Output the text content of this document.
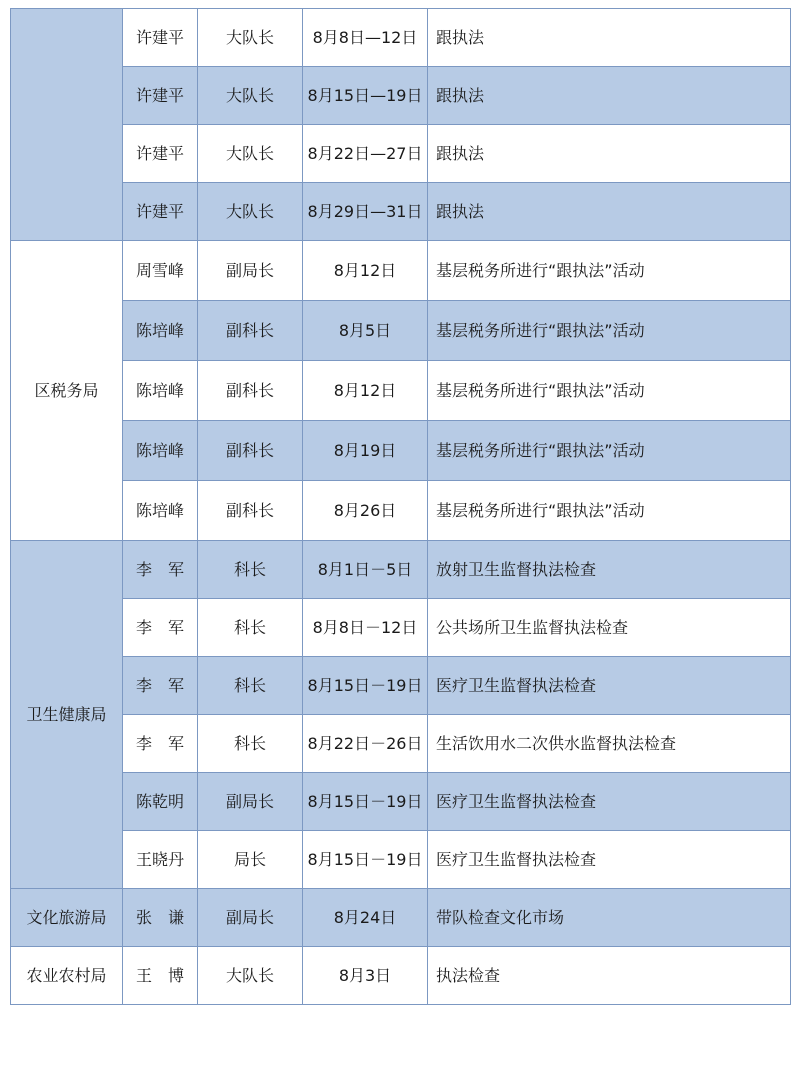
	许建平	大队长	8月8日—12日	跟执法
	许建平	大队长	8月15日—19日	跟执法
	许建平	大队长	8月22日—27日	跟执法
	许建平	大队长	8月29日—31日	跟执法
区税务局	周雪峰	副局长	8月12日	基层税务所进行“跟执法”活动
	陈培峰	副科长	8月5日	基层税务所进行“跟执法”活动
	陈培峰	副科长	8月12日	基层税务所进行“跟执法”活动
	陈培峰	副科长	8月19日	基层税务所进行“跟执法”活动
	陈培峰	副科长	8月26日	基层税务所进行“跟执法”活动
卫生健康局	李　军	科长	8月1日－5日	放射卫生监督执法检查
	李　军	科长	8月8日－12日	公共场所卫生监督执法检查
	李　军	科长	8月15日－19日	医疗卫生监督执法检查
	李　军	科长	8月22日－26日	生活饮用水二次供水监督执法检查
	陈乾明	副局长	8月15日－19日	医疗卫生监督执法检查
	王晓丹	局长	8月15日－19日	医疗卫生监督执法检查
文化旅游局	张　谦	副局长	8月24日	带队检查文化市场
农业农村局	王　博	大队长	8月3日	执法检查
